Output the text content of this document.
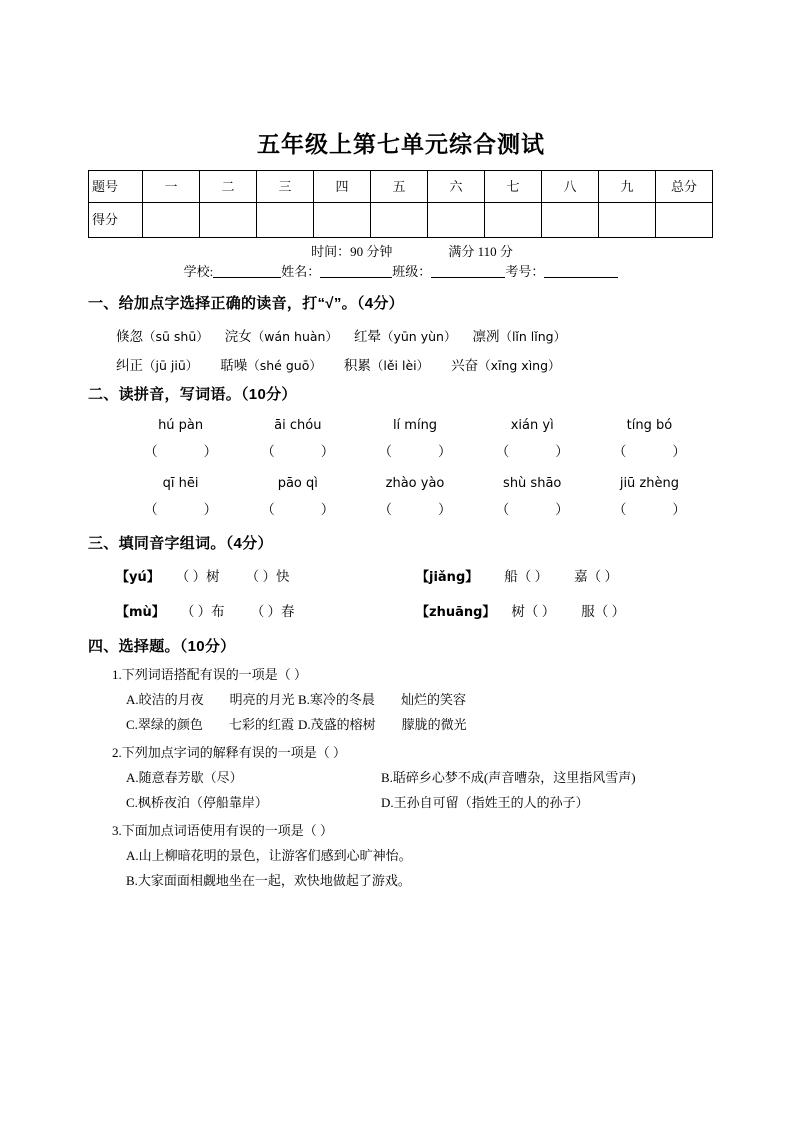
五年级上第七单元综合测试
题号	一	二	三	四	五	六	七	八	九	总分

得分										

时间：90 分钟	满分 110 分
学校:	姓名：	班级：	考号：
一、给加点字选择正确的读音，打“√”。（4分）
倏忽（sū shū） 浣女（wán huàn） 红晕（yūn yùn） 凛冽（lǐn lǐng）
纠正（jū jiū） 聒噪（shé guō） 积累（lěi lèi） 兴奋（xīng xìng）
二、读拼音，写词语。（10分）
hú pàn	āi chóu	lí míng	xián yì	tíng bó
（	）	（	）	（	）	（	）	（	）
qī hēi	pāo qì	zhào yào	shù shāo	jiū zhèng
（	）	（	）	（	）	（	）	（	）
三、填同音字组词。（4分）
【yú】 （ ）树 （ ）快	【jiǎng】 船（ ） 嘉（ ）
【mù】 （ ）布 （ ）春	【zhuāng】 树（ ） 服（ ）
四、选择题。（10分）
1.下列词语搭配有误的一项是（ ）
A.皎洁的月夜 明亮的月光 B.寒冷的冬晨 灿烂的笑容
C.翠绿的颜色 七彩的红霞 D.茂盛的榕树 朦胧的微光
2.下列加点字词的解释有误的一项是（ ）
A.随意春芳歇（尽）	B.聒碎乡心梦不成(声音嘈杂，这里指风雪声)
C.枫桥夜泊（停船靠岸）	D.王孙自可留（指姓王的人的孙子）
3.下面加点词语使用有误的一项是（ ）
A.山上柳暗花明的景色，让游客们感到心旷神怡。
B.大家面面相觑地坐在一起，欢快地做起了游戏。
